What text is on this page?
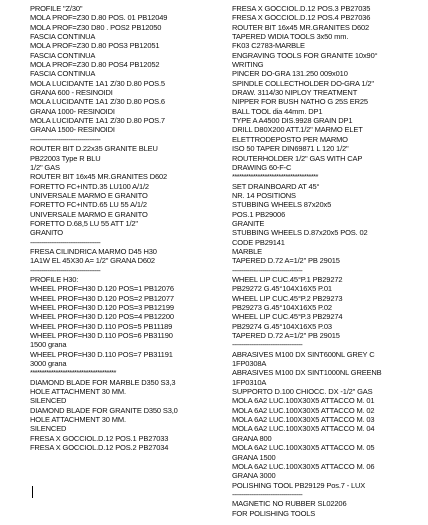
PROFILE "Z/30"
MOLA PROF=Z30 D.80 POS. 01 PB12049
MOLA PROF=Z30 D80 . POS2 PB12050
FASCIA CONTINUA
MOLA PROF=Z30 D.80 POS3 PB12051
FASCIA CONTINUA
MOLA PROF=Z30 D.80 POS4 PB12052
FASCIA CONTINUA
MOLA LUCIDANTE 1A1 Z/30 D.80 POS.5
GRANA 600 - RESINOIDI
MOLA LUCIDANTE 1A1 Z/30 D.80 POS.6
GRANA 1000- RESINOIDI
MOLA LUCIDANTE 1A1 Z/30 D.80 POS.7
GRANA 1500- RESINOIDI
-------------------------------------
ROUTER BIT D.22x35 GRANITE BLEU
PB22003 Type R BLU
1/2" GAS
ROUTER BIT 16x45 MR.GRANITES D602
FORETTO FC+INTD.35 LU100 A/1/2
UNIVERSALE MARMO E GRANITO
FORETTO FC+INTD.65 LU 55 A/1/2
UNIVERSALE MARMO E GRANITO
FORETTO D.68,5 LU 55 ATT 1/2"
GRANITO
-------------------------------------
FRESA CILINDRICA MARMO D45 H30
1A1W EL 45X30 A= 1/2" GRANA D602
-------------------------------------
PROFILE H30:
WHEEL PROF=H30 D.120 POS=1 PB12076
WHEEL PROF=H30 D.120 POS=2 PB12077
WHEEL PROF=H30 D.120 POS=3 PB12199
WHEEL PROF=H30 D.120 POS=4 PB12200
WHEEL PROF=H30 D.110 POS=5 PB11189
WHEEL PROF=H30 D.110 POS=6 PB31190
1500 grana
WHEEL PROF=H30 D.110 POS=7 PB31191
3000 grana
*************************************
DIAMOND BLADE FOR MARBLE D350 S3,3
HOLE ATTACHMENT 30 MM.
SILENCED
DIAMOND BLADE FOR GRANITE D350 S3,0
HOLE ATTACHMENT 30 MM.
SILENCED
FRESA X GOCCIOL.D.12 POS.1 PB27033
FRESA X GOCCIOL.D.12 POS.2 PB27034
FRESA X GOCCIOL.D.12 POS.3 PB27035
FRESA X GOCCIOL.D.12 POS.4 PB27036
ROUTER BIT 16x45 MR.GRANITES D602
TAPERED WIDIA TOOLS 3x50 mm.
FK03 C2783-MARBLE
ENGRAVING TOOLS FOR GRANITE 10x90°
WRITING
PINCER DO-GRA 131.250 009x010
SPINDLE COLLECTHOLDER DO-GRA 1/2"
DRAW. 3114/30 NIPLOY TREATMENT
NIPPER FOR BUSH NATHO G 25S ER25
BALL TOOL dia 44mm. DP1
TYPE A A4500 DIS.9928 GRAIN DP1
DRILL D80X200 ATT.1/2" MARMO ELET
ELETTRODEPOSTO PER MARMO
ISO 50 TAPER DIN69871 L 120 1/2"
ROUTERHOLDER 1/2" GAS WITH CAP
DRAWING 60-F-C
*************************************
SET DRAINBOARD AT 45°
NR. 14 POSITIONS
STUBBING WHEELS 87x20x5
POS.1 PB29006
GRANITE
STUBBING WHEELS D.87x20x5 POS. 02
CODE PB29141
MARBLE
TAPERED D.72 A=1/2" PB 29015
-------------------------------------
WHEEL LIP CUC.45°P.1 PB29272
PB29272 G.45°104X16X5 P.01
WHEEL LIP CUC.45°P.2 PB29273
PB29273 G.45°104X16X5 P.02
WHEEL LIP CUC.45°P.3 PB29274
PB29274 G.45°104X16X5 P.03
TAPERED D.72 A=1/2" PB 29015
-------------------------------------
ABRASIVES M100 DX SINT600NL GREY C
1FP0308A
ABRASIVES M100 DX SINT1000NL GREENB
1FP0310A
SUPPORTO D.100 CHIOCC. DX -1/2" GAS
MOLA 6A2 LUC.100X30X5 ATTACCO M. 01
MOLA 6A2 LUC.100X30X5 ATTACCO M. 02
MOLA 6A2 LUC.100X30X5 ATTACCO M. 03
MOLA 6A2 LUC.100X30X5 ATTACCO M. 04
GRANA 800
MOLA 6A2 LUC.100X30X5 ATTACCO M. 05
GRANA 1500
MOLA 6A2 LUC.100X30X5 ATTACCO M. 06
GRANA 3000
POLISHING TOOL PB29129 Pos.7 - LUX
-------------------------------------
MAGNETIC NO RUBBER SL02206
FOR POLISHING TOOLS
